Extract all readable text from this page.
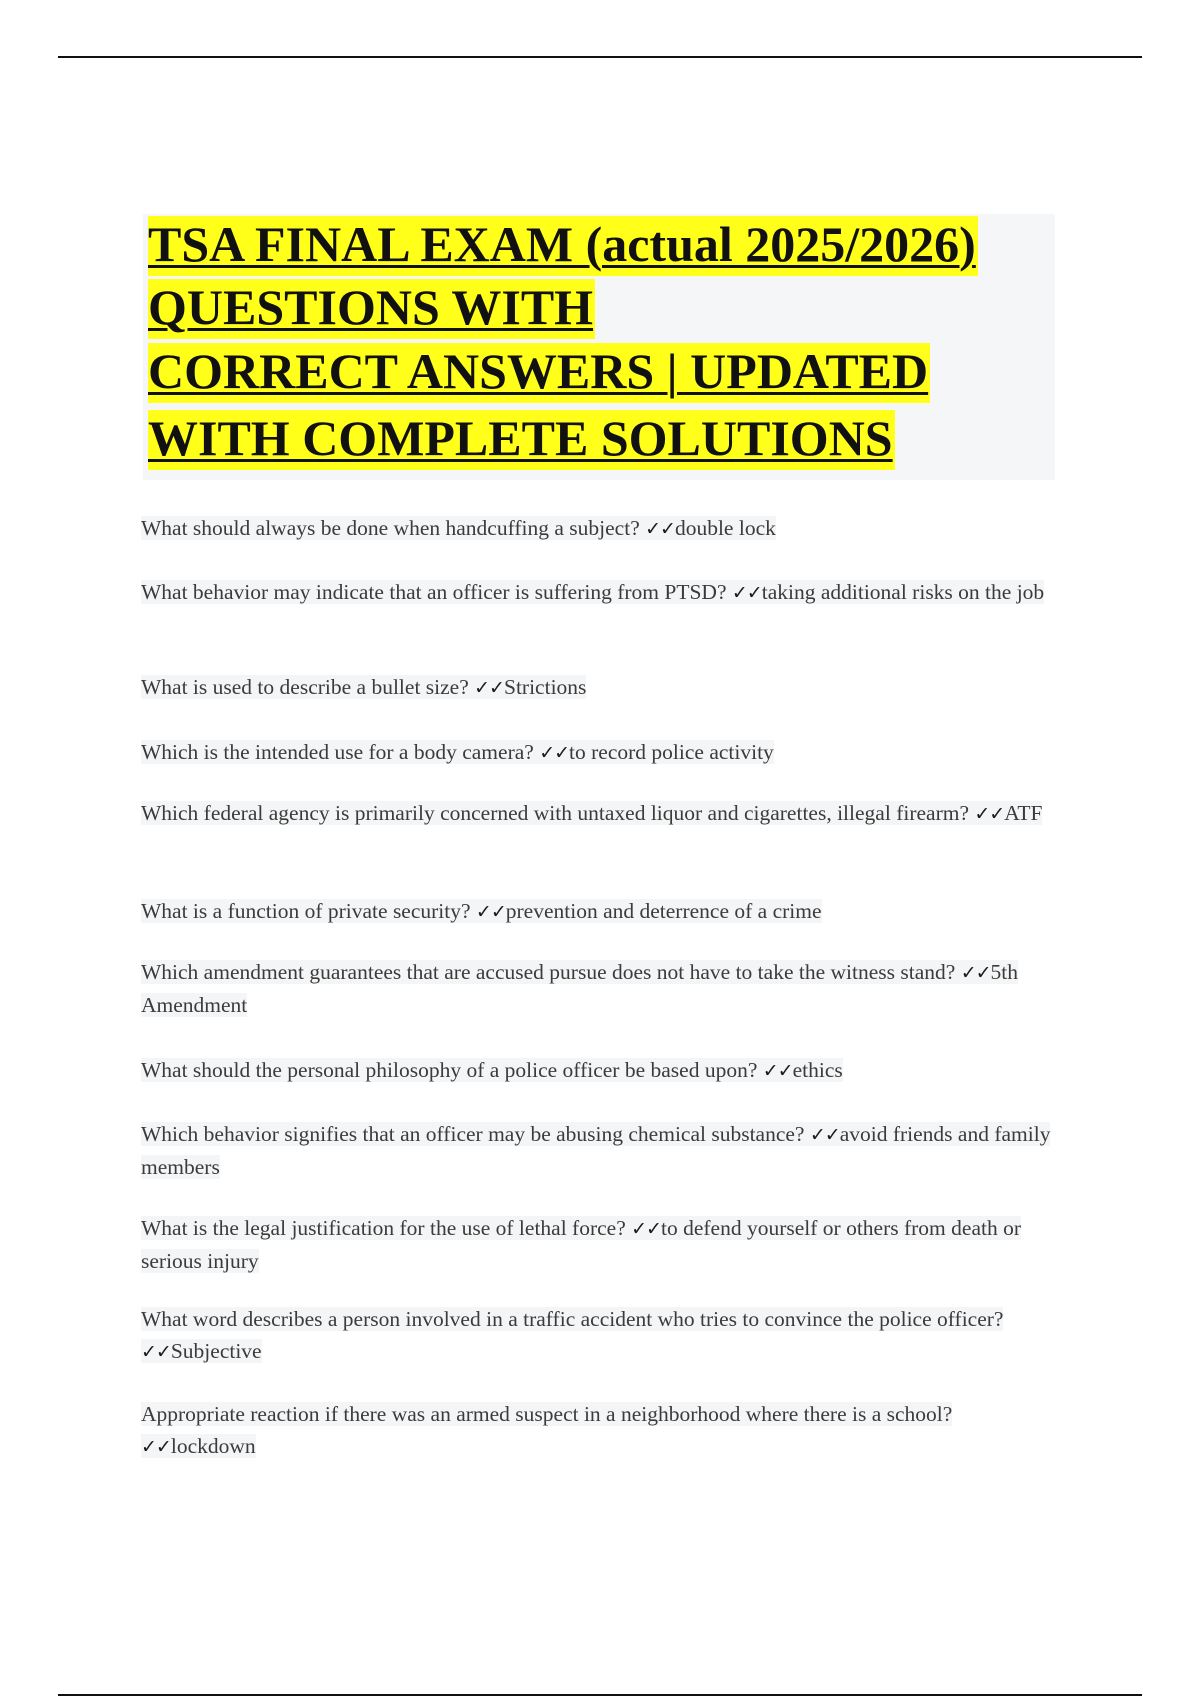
TSA FINAL EXAM (actual 2025/2026)
QUESTIONS WITH
CORRECT ANSWERS | UPDATED
WITH COMPLETE SOLUTIONS

What should always be done when handcuffing a subject? ✓✓double lock

What behavior may indicate that an officer is suffering from PTSD? ✓✓taking additional risks on the job

What is used to describe a bullet size? ✓✓Strictions

Which is the intended use for a body camera? ✓✓to record police activity

Which federal agency is primarily concerned with untaxed liquor and cigarettes, illegal firearm? ✓✓ATF

What is a function of private security? ✓✓prevention and deterrence of a crime

Which amendment guarantees that are accused pursue does not have to take the witness stand? ✓✓5th Amendment

What should the personal philosophy of a police officer be based upon? ✓✓ethics

Which behavior signifies that an officer may be abusing chemical substance? ✓✓avoid friends and family members

What is the legal justification for the use of lethal force? ✓✓to defend yourself or others from death or serious injury

What word describes a person involved in a traffic accident who tries to convince the police officer? ✓✓Subjective

Appropriate reaction if there was an armed suspect in a neighborhood where there is a school? ✓✓lockdown
